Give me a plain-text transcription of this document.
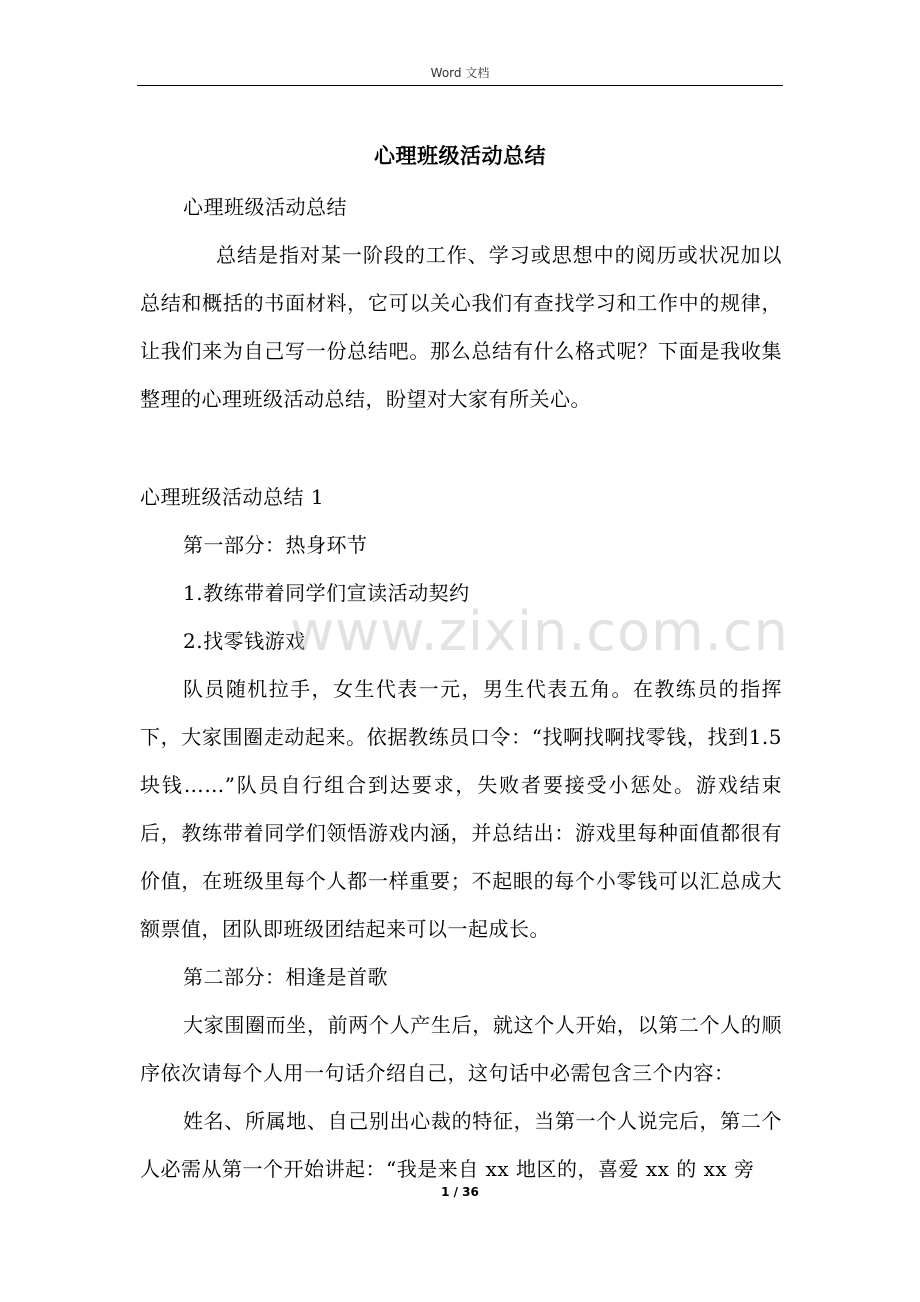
Word 文档
心理班级活动总结
心理班级活动总结
总结是指对某一阶段的工作、学习或思想中的阅历或状况加以总结和概括的书面材料，它可以关心我们有查找学习和工作中的规律，让我们来为自己写一份总结吧。那么总结有什么格式呢？下面是我收集整理的心理班级活动总结，盼望对大家有所关心。
心理班级活动总结 1
第一部分：热身环节
1.教练带着同学们宣读活动契约
2.找零钱游戏
队员随机拉手，女生代表一元，男生代表五角。在教练员的指挥下，大家围圈走动起来。依据教练员口令：“找啊找啊找零钱，找到1.5 块钱……”队员自行组合到达要求，失败者要接受小惩处。游戏结束后，教练带着同学们领悟游戏内涵，并总结出：游戏里每种面值都很有价值，在班级里每个人都一样重要；不起眼的每个小零钱可以汇总成大额票值，团队即班级团结起来可以一起成长。
第二部分：相逢是首歌
大家围圈而坐，前两个人产生后，就这个人开始，以第二个人的顺序依次请每个人用一句话介绍自己，这句话中必需包含三个内容：
姓名、所属地、自己别出心裁的特征，当第一个人说完后，第二个人必需从第一个开始讲起：“我是来自 xx 地区的，喜爱 xx 的 xx 旁
www.zixin.com.cn
1 / 36
